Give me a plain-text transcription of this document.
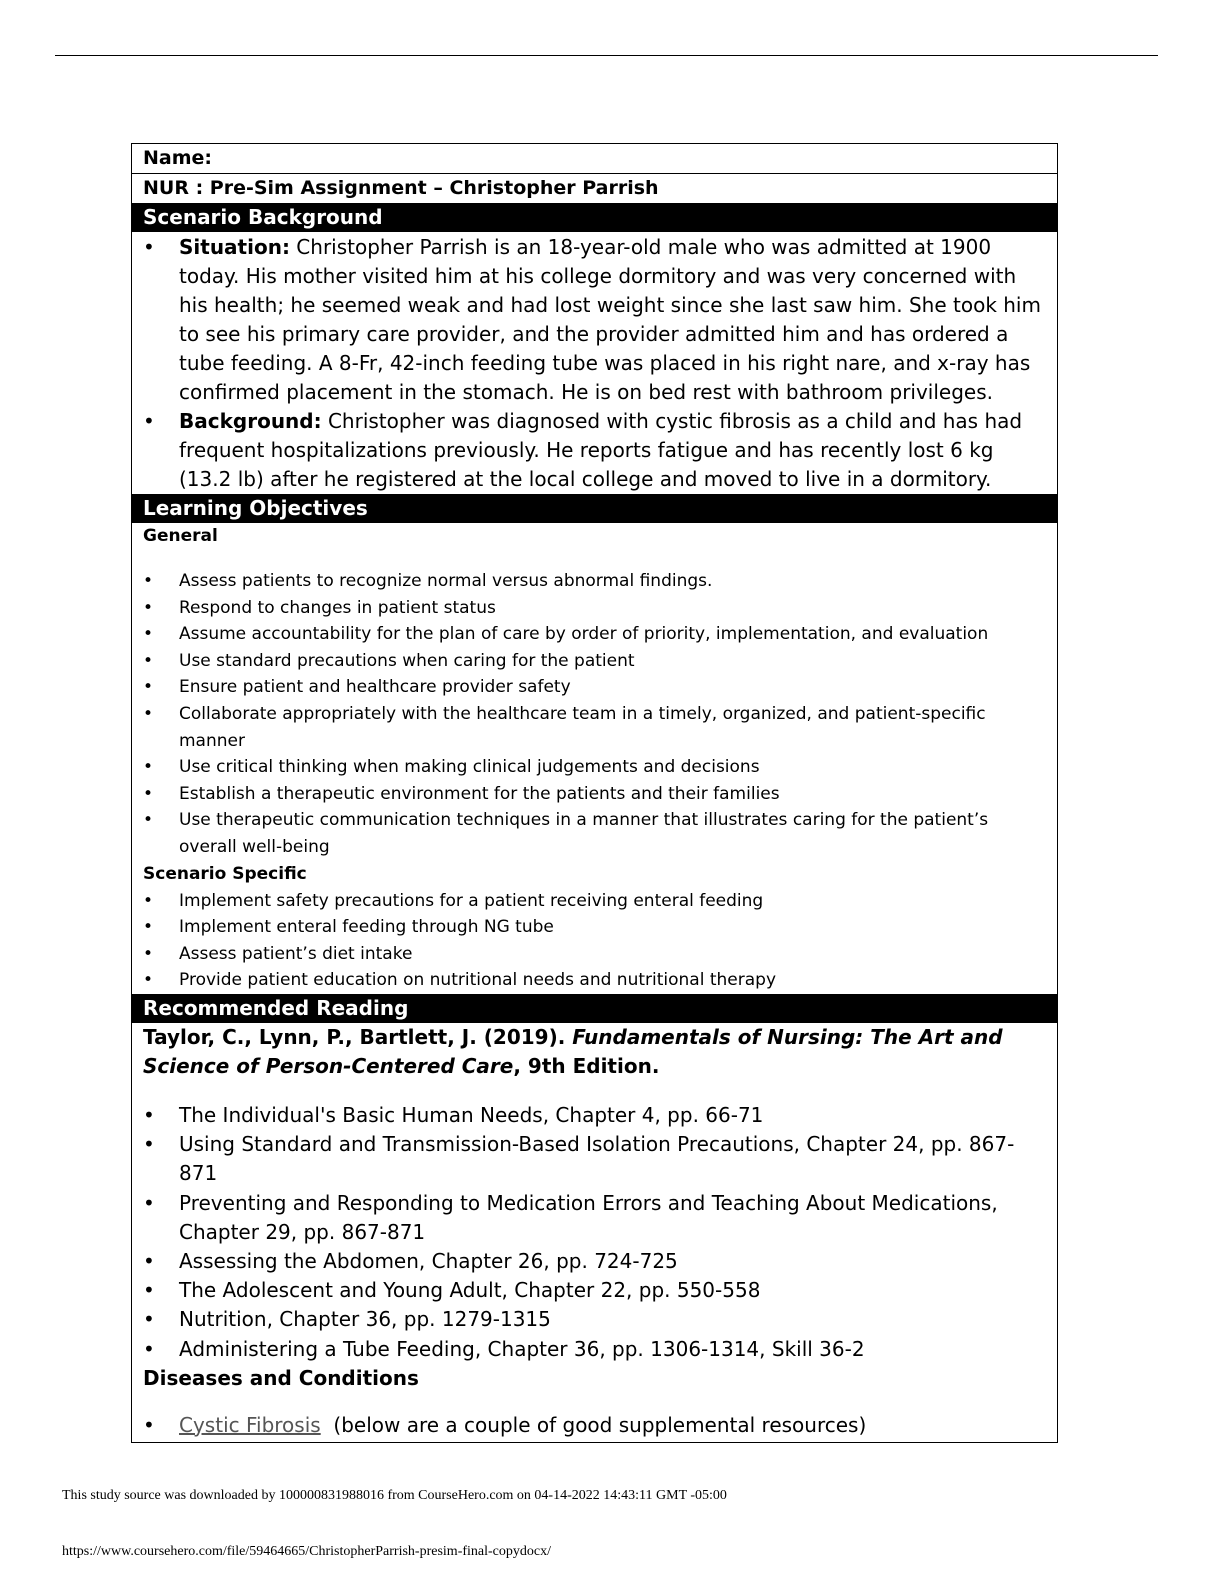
Name:
NUR : Pre-Sim Assignment – Christopher Parrish
Scenario Background
• Situation: Christopher Parrish is an 18-year-old male who was admitted at 1900 today. His mother visited him at his college dormitory and was very concerned with his health; he seemed weak and had lost weight since she last saw him. She took him to see his primary care provider, and the provider admitted him and has ordered a tube feeding. A 8-Fr, 42-inch feeding tube was placed in his right nare, and x-ray has confirmed placement in the stomach. He is on bed rest with bathroom privileges.
• Background: Christopher was diagnosed with cystic fibrosis as a child and has had frequent hospitalizations previously. He reports fatigue and has recently lost 6 kg (13.2 lb) after he registered at the local college and moved to live in a dormitory.
Learning Objectives
General
• Assess patients to recognize normal versus abnormal findings.
• Respond to changes in patient status
• Assume accountability for the plan of care by order of priority, implementation, and evaluation
• Use standard precautions when caring for the patient
• Ensure patient and healthcare provider safety
• Collaborate appropriately with the healthcare team in a timely, organized, and patient-specific manner
• Use critical thinking when making clinical judgements and decisions
• Establish a therapeutic environment for the patients and their families
• Use therapeutic communication techniques in a manner that illustrates caring for the patient’s overall well-being
Scenario Specific
• Implement safety precautions for a patient receiving enteral feeding
• Implement enteral feeding through NG tube
• Assess patient’s diet intake
• Provide patient education on nutritional needs and nutritional therapy
Recommended Reading
Taylor, C., Lynn, P., Bartlett, J. (2019). Fundamentals of Nursing: The Art and Science of Person-Centered Care, 9th Edition.
• The Individual's Basic Human Needs, Chapter 4, pp. 66-71
• Using Standard and Transmission-Based Isolation Precautions, Chapter 24, pp. 867-871
• Preventing and Responding to Medication Errors and Teaching About Medications, Chapter 29, pp. 867-871
• Assessing the Abdomen, Chapter 26, pp. 724-725
• The Adolescent and Young Adult, Chapter 22, pp. 550-558
• Nutrition, Chapter 36, pp. 1279-1315
• Administering a Tube Feeding, Chapter 36, pp. 1306-1314, Skill 36-2
Diseases and Conditions
• Cystic Fibrosis  (below are a couple of good supplemental resources)
This study source was downloaded by 100000831988016 from CourseHero.com on 04-14-2022 14:43:11 GMT -05:00
https://www.coursehero.com/file/59464665/ChristopherParrish-presim-final-copydocx/
